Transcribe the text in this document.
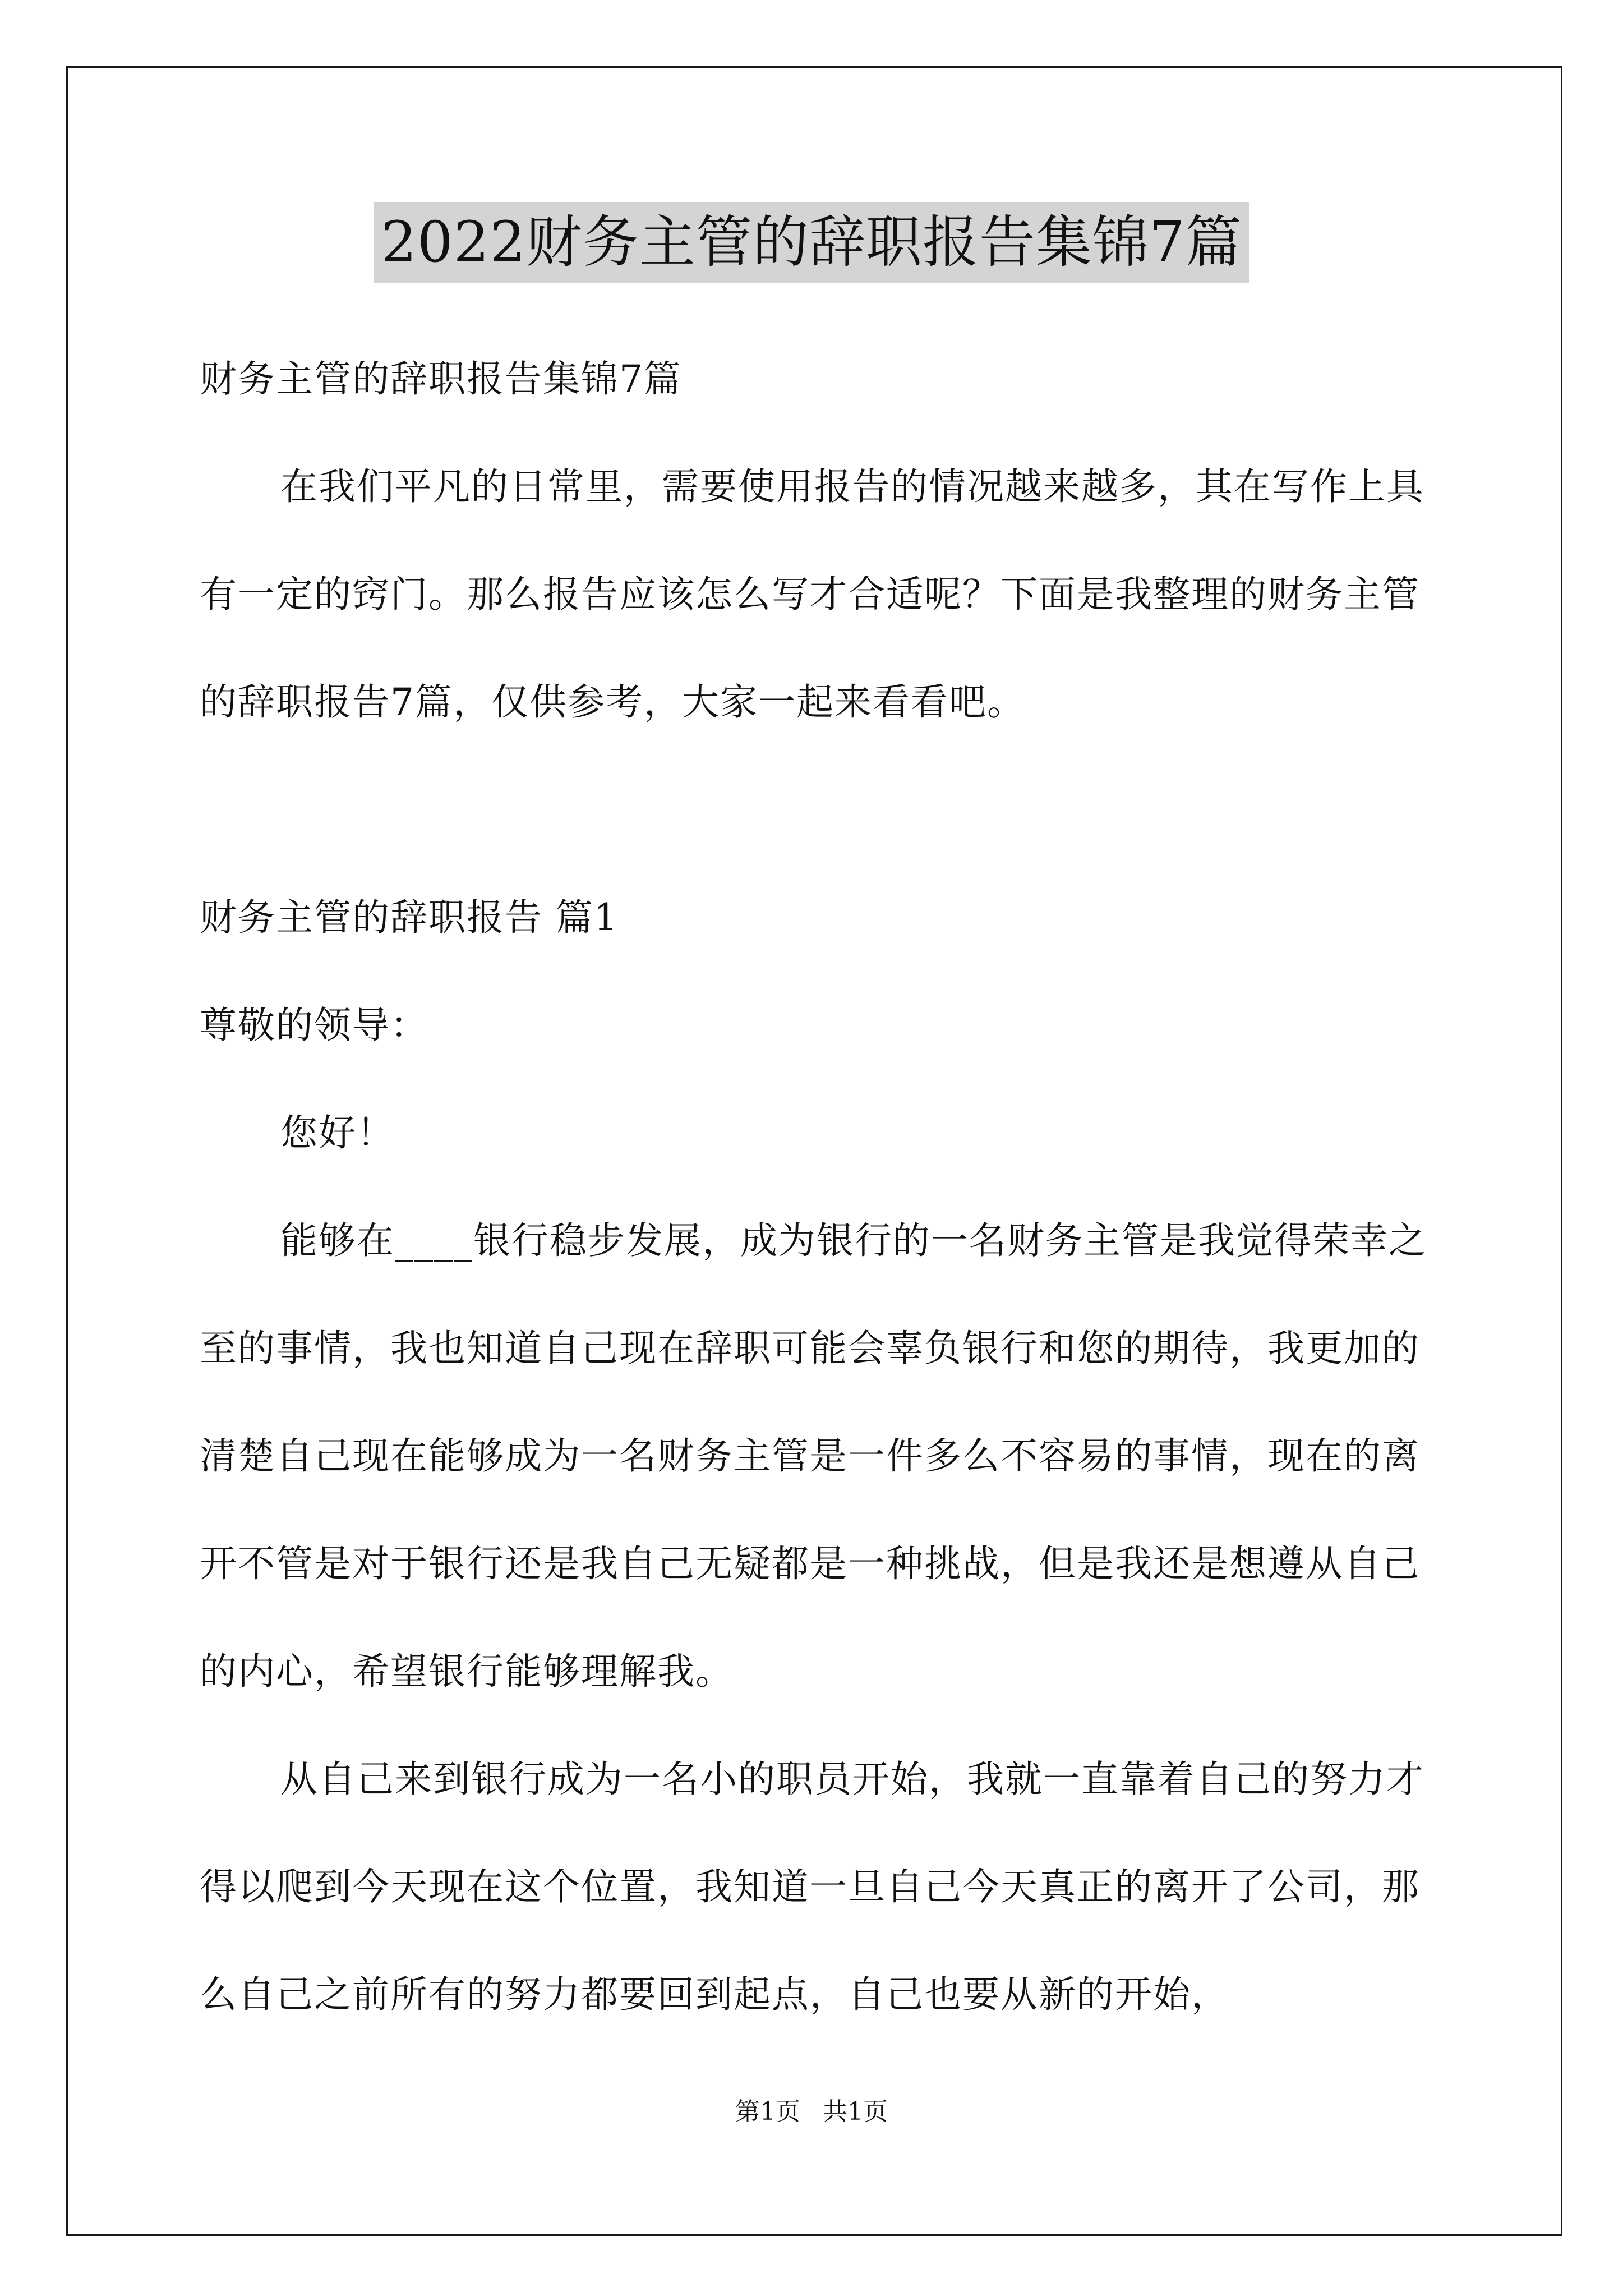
2022财务主管的辞职报告集锦7篇

财务主管的辞职报告集锦7篇

在我们平凡的日常里，需要使用报告的情况越来越多，其在写作上具有一定的窍门。那么报告应该怎么写才合适呢？下面是我整理的财务主管的辞职报告7篇，仅供参考，大家一起来看看吧。

财务主管的辞职报告 篇1

尊敬的领导：

您好！

能够在____银行稳步发展，成为银行的一名财务主管是我觉得荣幸之至的事情，我也知道自己现在辞职可能会辜负银行和您的期待，我更加的清楚自己现在能够成为一名财务主管是一件多么不容易的事情，现在的离开不管是对于银行还是我自己无疑都是一种挑战，但是我还是想遵从自己的内心，希望银行能够理解我。

从自己来到银行成为一名小的职员开始，我就一直靠着自己的努力才得以爬到今天现在这个位置，我知道一旦自己今天真正的离开了公司，那么自己之前所有的努力都要回到起点，自己也要从新的开始，

第1页 共1页
